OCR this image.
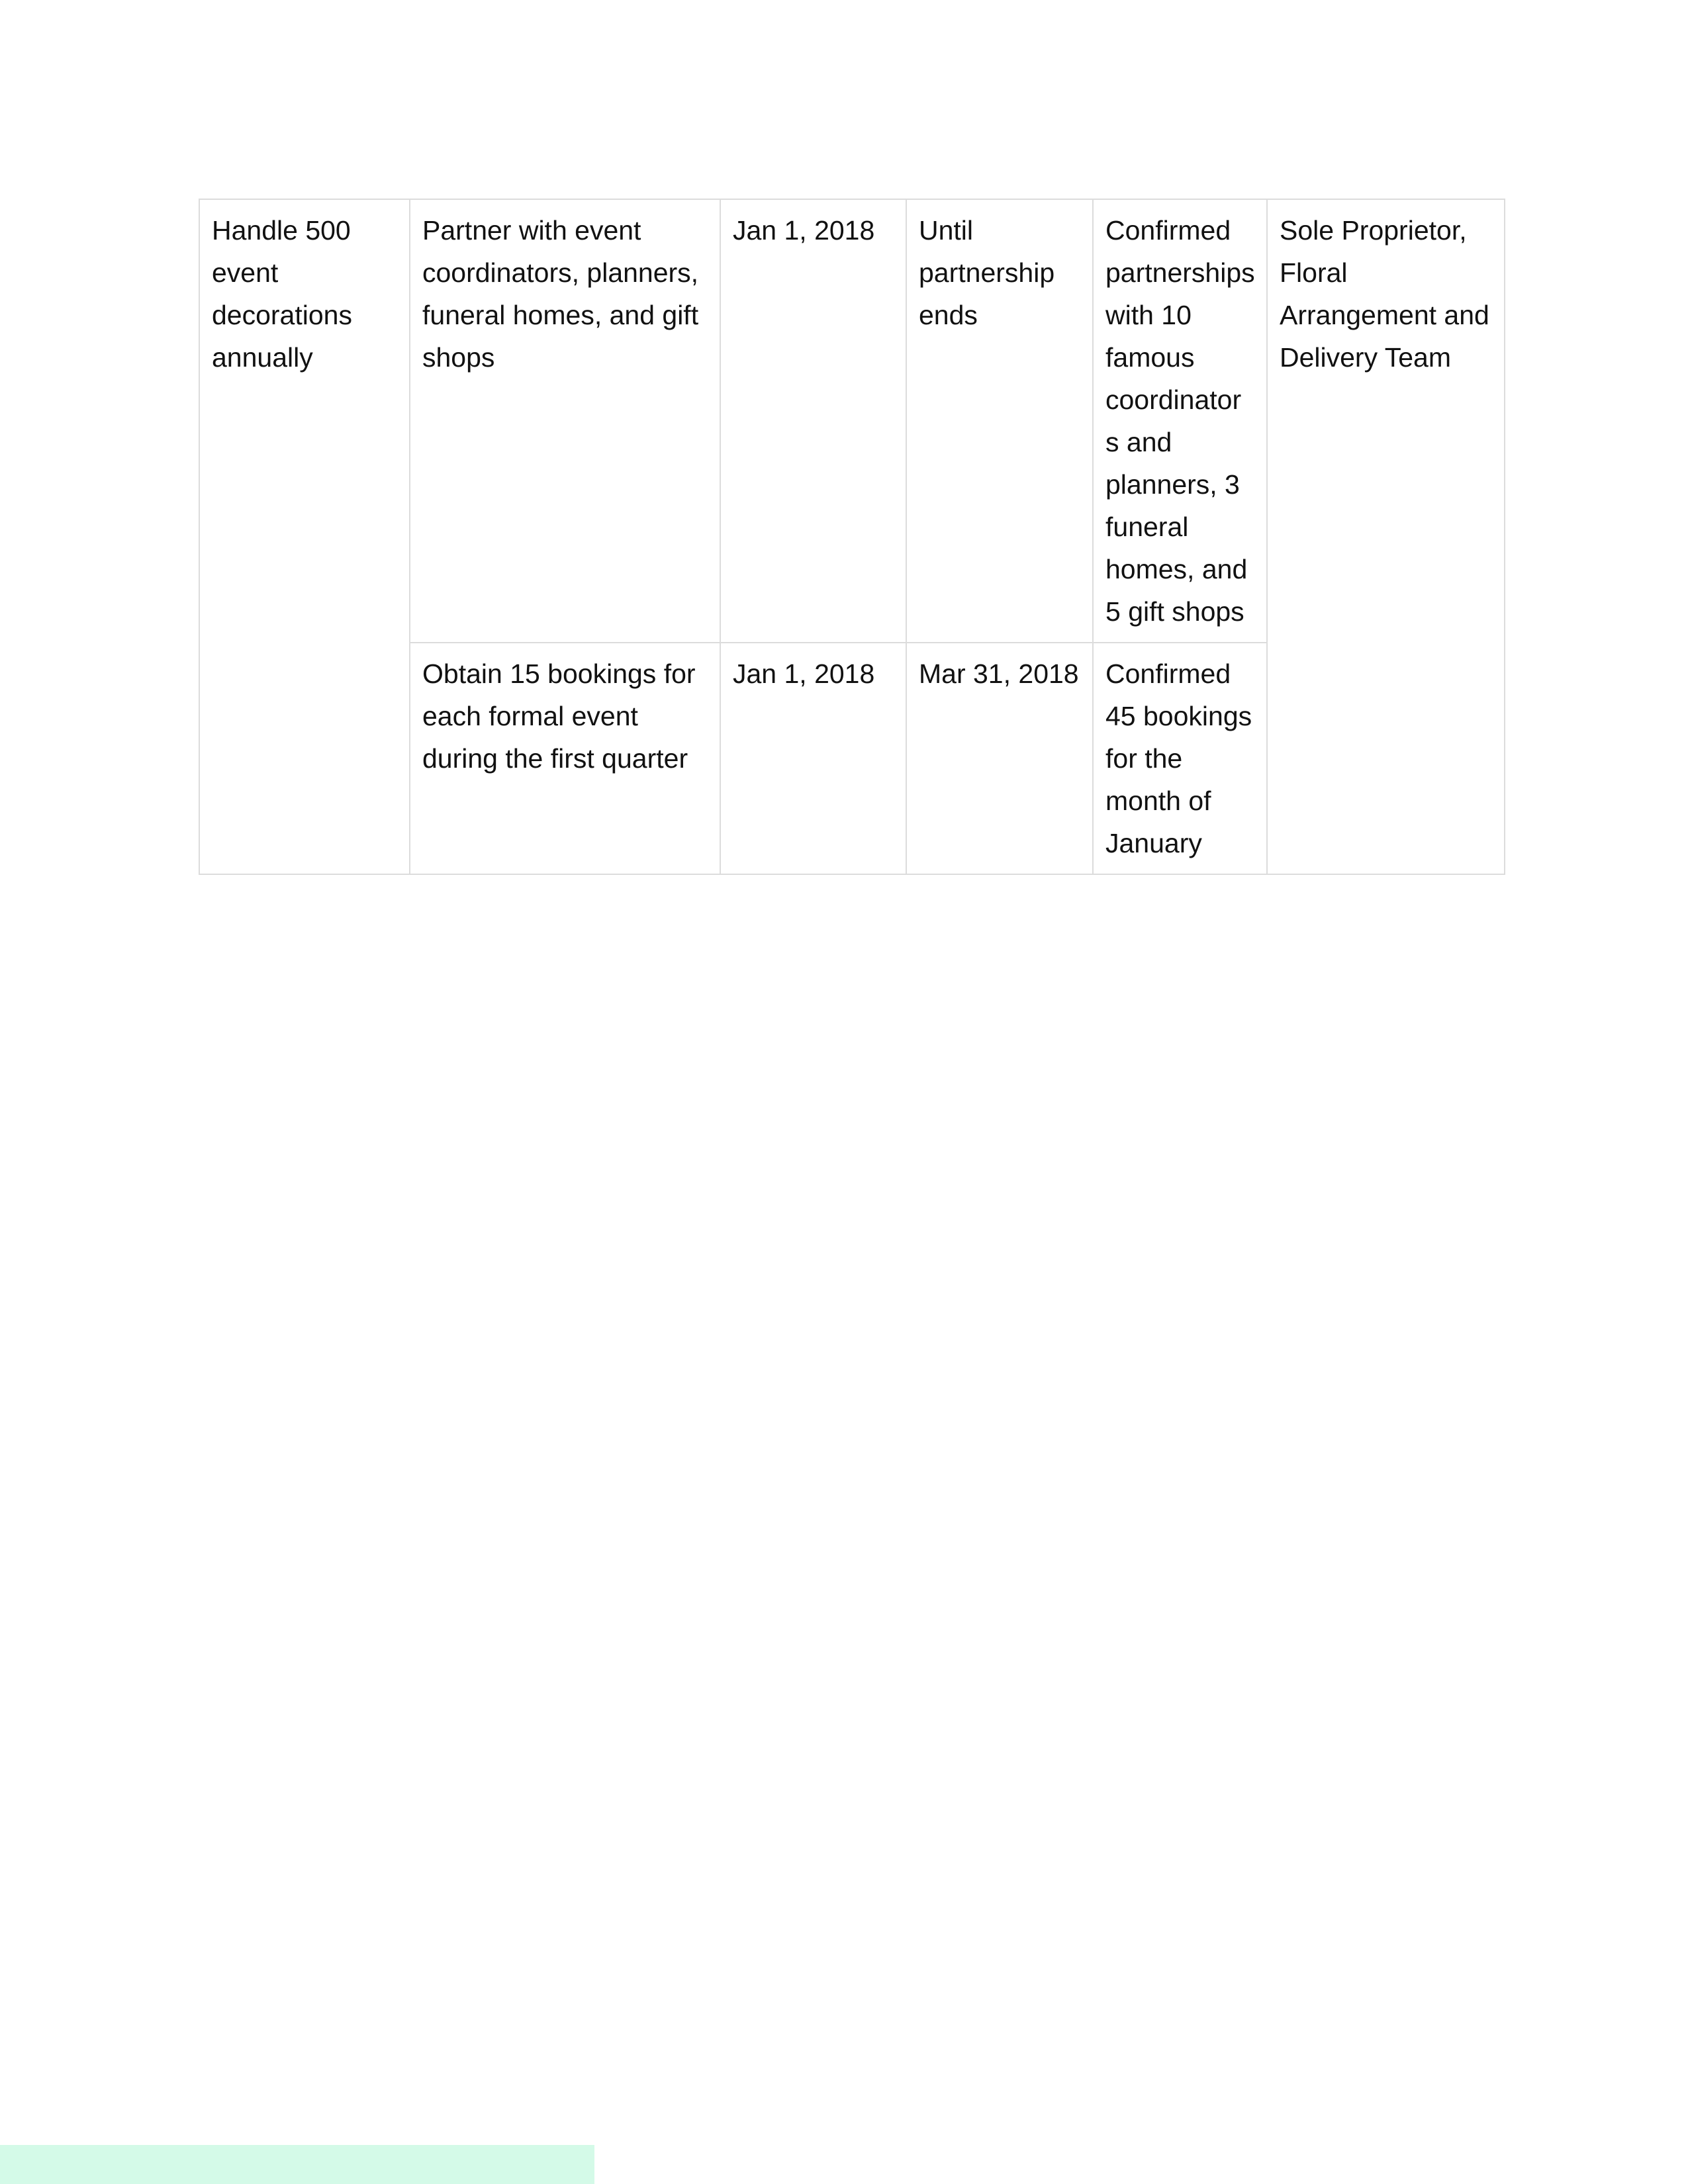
Handle 500 event decorations annually	Partner with event coordinators, planners, funeral homes, and gift shops	Jan 1, 2018	Until partnership ends	Confirmed partnerships with 10 famous coordinator s and planners, 3 funeral homes, and 5 gift shops	Sole Proprietor, Floral Arrangement and Delivery Team
	Obtain 15 bookings for each formal event during the first quarter	Jan 1, 2018	Mar 31, 2018	Confirmed 45 bookings for the month of January	
